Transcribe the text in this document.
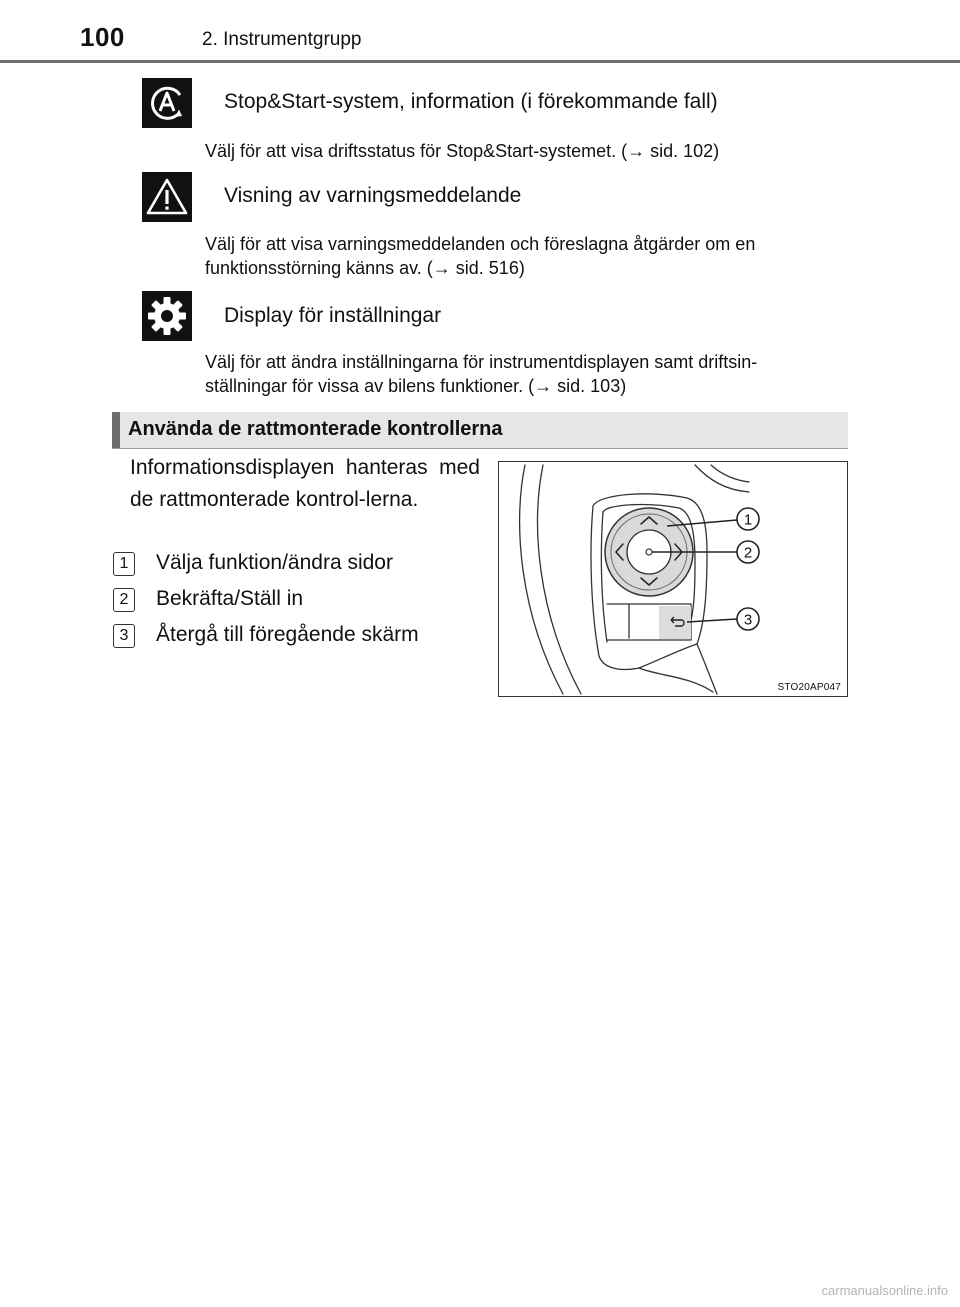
100	2. Instrumentgrupp
Stop&Start-system, information (i förekommande fall)
Välj för att visa driftsstatus för Stop&Start-systemet. (→ sid. 102)
Visning av varningsmeddelande
Välj för att visa varningsmeddelanden och föreslagna åtgärder om en
funktionsstörning känns av. (→ sid. 516)
Display för inställningar
Välj för att ändra inställningarna för instrumentdisplayen samt driftsin-
ställningar för vissa av bilens funktioner. (→ sid. 103)
Använda de rattmonterade kontrollerna
Informationsdisplayen hanteras med de rattmonterade kontrol-lerna.
1	Välja funktion/ändra sidor
2	Bekräfta/Ställ in
3	Återgå till föregående skärm
1
2
3
STO20AP047
carmanualsonline.info
